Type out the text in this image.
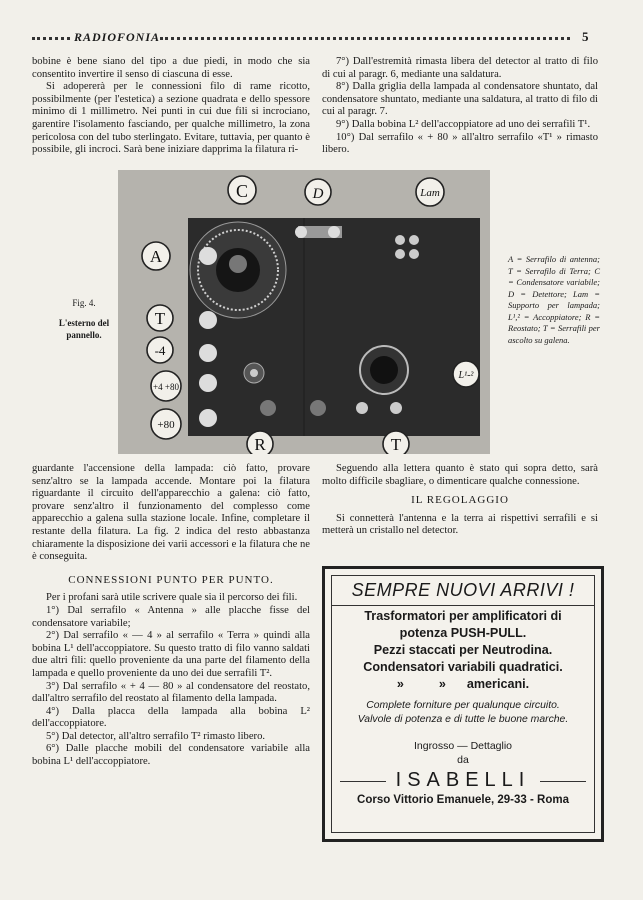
RADIOFONIA	5

bobine è bene siano del tipo a due piedi, in modo che sia consentito invertire il senso di ciascuna di esse.

Si adopererà per le connessioni filo di rame ricotto, possibilmente (per l'estetica) a sezione quadrata e dello spessore minimo di 1 millimetro. Nei punti in cui due fili si incrociano, garentire l'isolamento fasciando, per qualche millimetro, la zona pericolosa con del tubo sterlingato. Evitare, tuttavia, per quanto è possibile, gli incroci. Sarà bene iniziare dapprima la filatura ri-

7°) Dall'estremità rimasta libera del detector al tratto di filo di cui al paragr. 6, mediante una saldatura.

8°) Dalla griglia della lampada al condensatore shuntato, dal condensatore shuntato, mediante una saldatura, al tratto di filo di cui al paragr. 7.

9°) Dalla bobina L² dell'accoppiatore ad uno dei serrafili T¹.

10°) Dal serrafilo « + 80 » all'altro serrafilo «T¹ » rimasto libero.

Fig. 4.
L'esterno del pannello.
C	D	Lam
A
T
-4
+4 +80
+80
L¹-²
R	T
A = Serrafilo di antenna; T = Serrafilo di Terra; C = Condensatore variabile; D = Detettore; Lam = Supporto per lampada; L¹,² = Accoppiatore; R = Reostato; T = Serrafili per ascolto su galena.

guardante l'accensione della lampada: ciò fatto, provare senz'altro se la lampada accende. Montare poi la filatura riguardante il circuito dell'apparecchio a galena: ciò fatto, provare senz'altro il funzionamento del complesso come apparecchio a galena sulla stazione locale. Infine, completare il restante della filatura. La fig. 2 indica del resto abbastanza chiaramente la disposizione dei varii accessori e la filatura che ne è conseguita.

CONNESSIONI PUNTO PER PUNTO.

Per i profani sarà utile scrivere quale sia il percorso dei fili.

1°) Dal serrafilo « Antenna » alle placche fisse del condensatore variabile;

2°) Dal serrafilo « — 4 » al serrafilo « Terra » quindi alla bobina L¹ dell'accoppiatore. Su questo tratto di filo vanno saldati due altri fili: quello proveniente da una parte del filamento della lampada e quello proveniente da uno dei due serrafili T².

3°) Dal serrafilo « + 4 — 80 » al condensatore del reostato, dall'altro serrafilo del reostato al filamento della lampada.

4°) Dalla placca della lampada alla bobina L² dell'accoppiatore.

5°) Dal detector, all'altro serrafilo T² rimasto libero.

6°) Dalle placche mobili del condensatore variabile alla bobina L¹ dell'accoppiatore.

Seguendo alla lettera quanto è stato qui sopra detto, sarà molto difficile sbagliare, o dimenticare qualche connessione.

IL REGOLAGGIO

Si connetterà l'antenna e la terra ai rispettivi serrafili e si metterà un cristallo nel detector.

SEMPRE NUOVI ARRIVI !
Trasformatori per amplificatori di
potenza PUSH-PULL.
Pezzi staccati per Neutrodina.
Condensatori variabili quadratici.
»          »      americani.
Complete forniture per qualunque circuito.
Valvole di potenza e di tutte le buone marche.
Ingrosso — Dettaglio
da
ISABELLI
Corso Vittorio Emanuele, 29-33 - Roma
